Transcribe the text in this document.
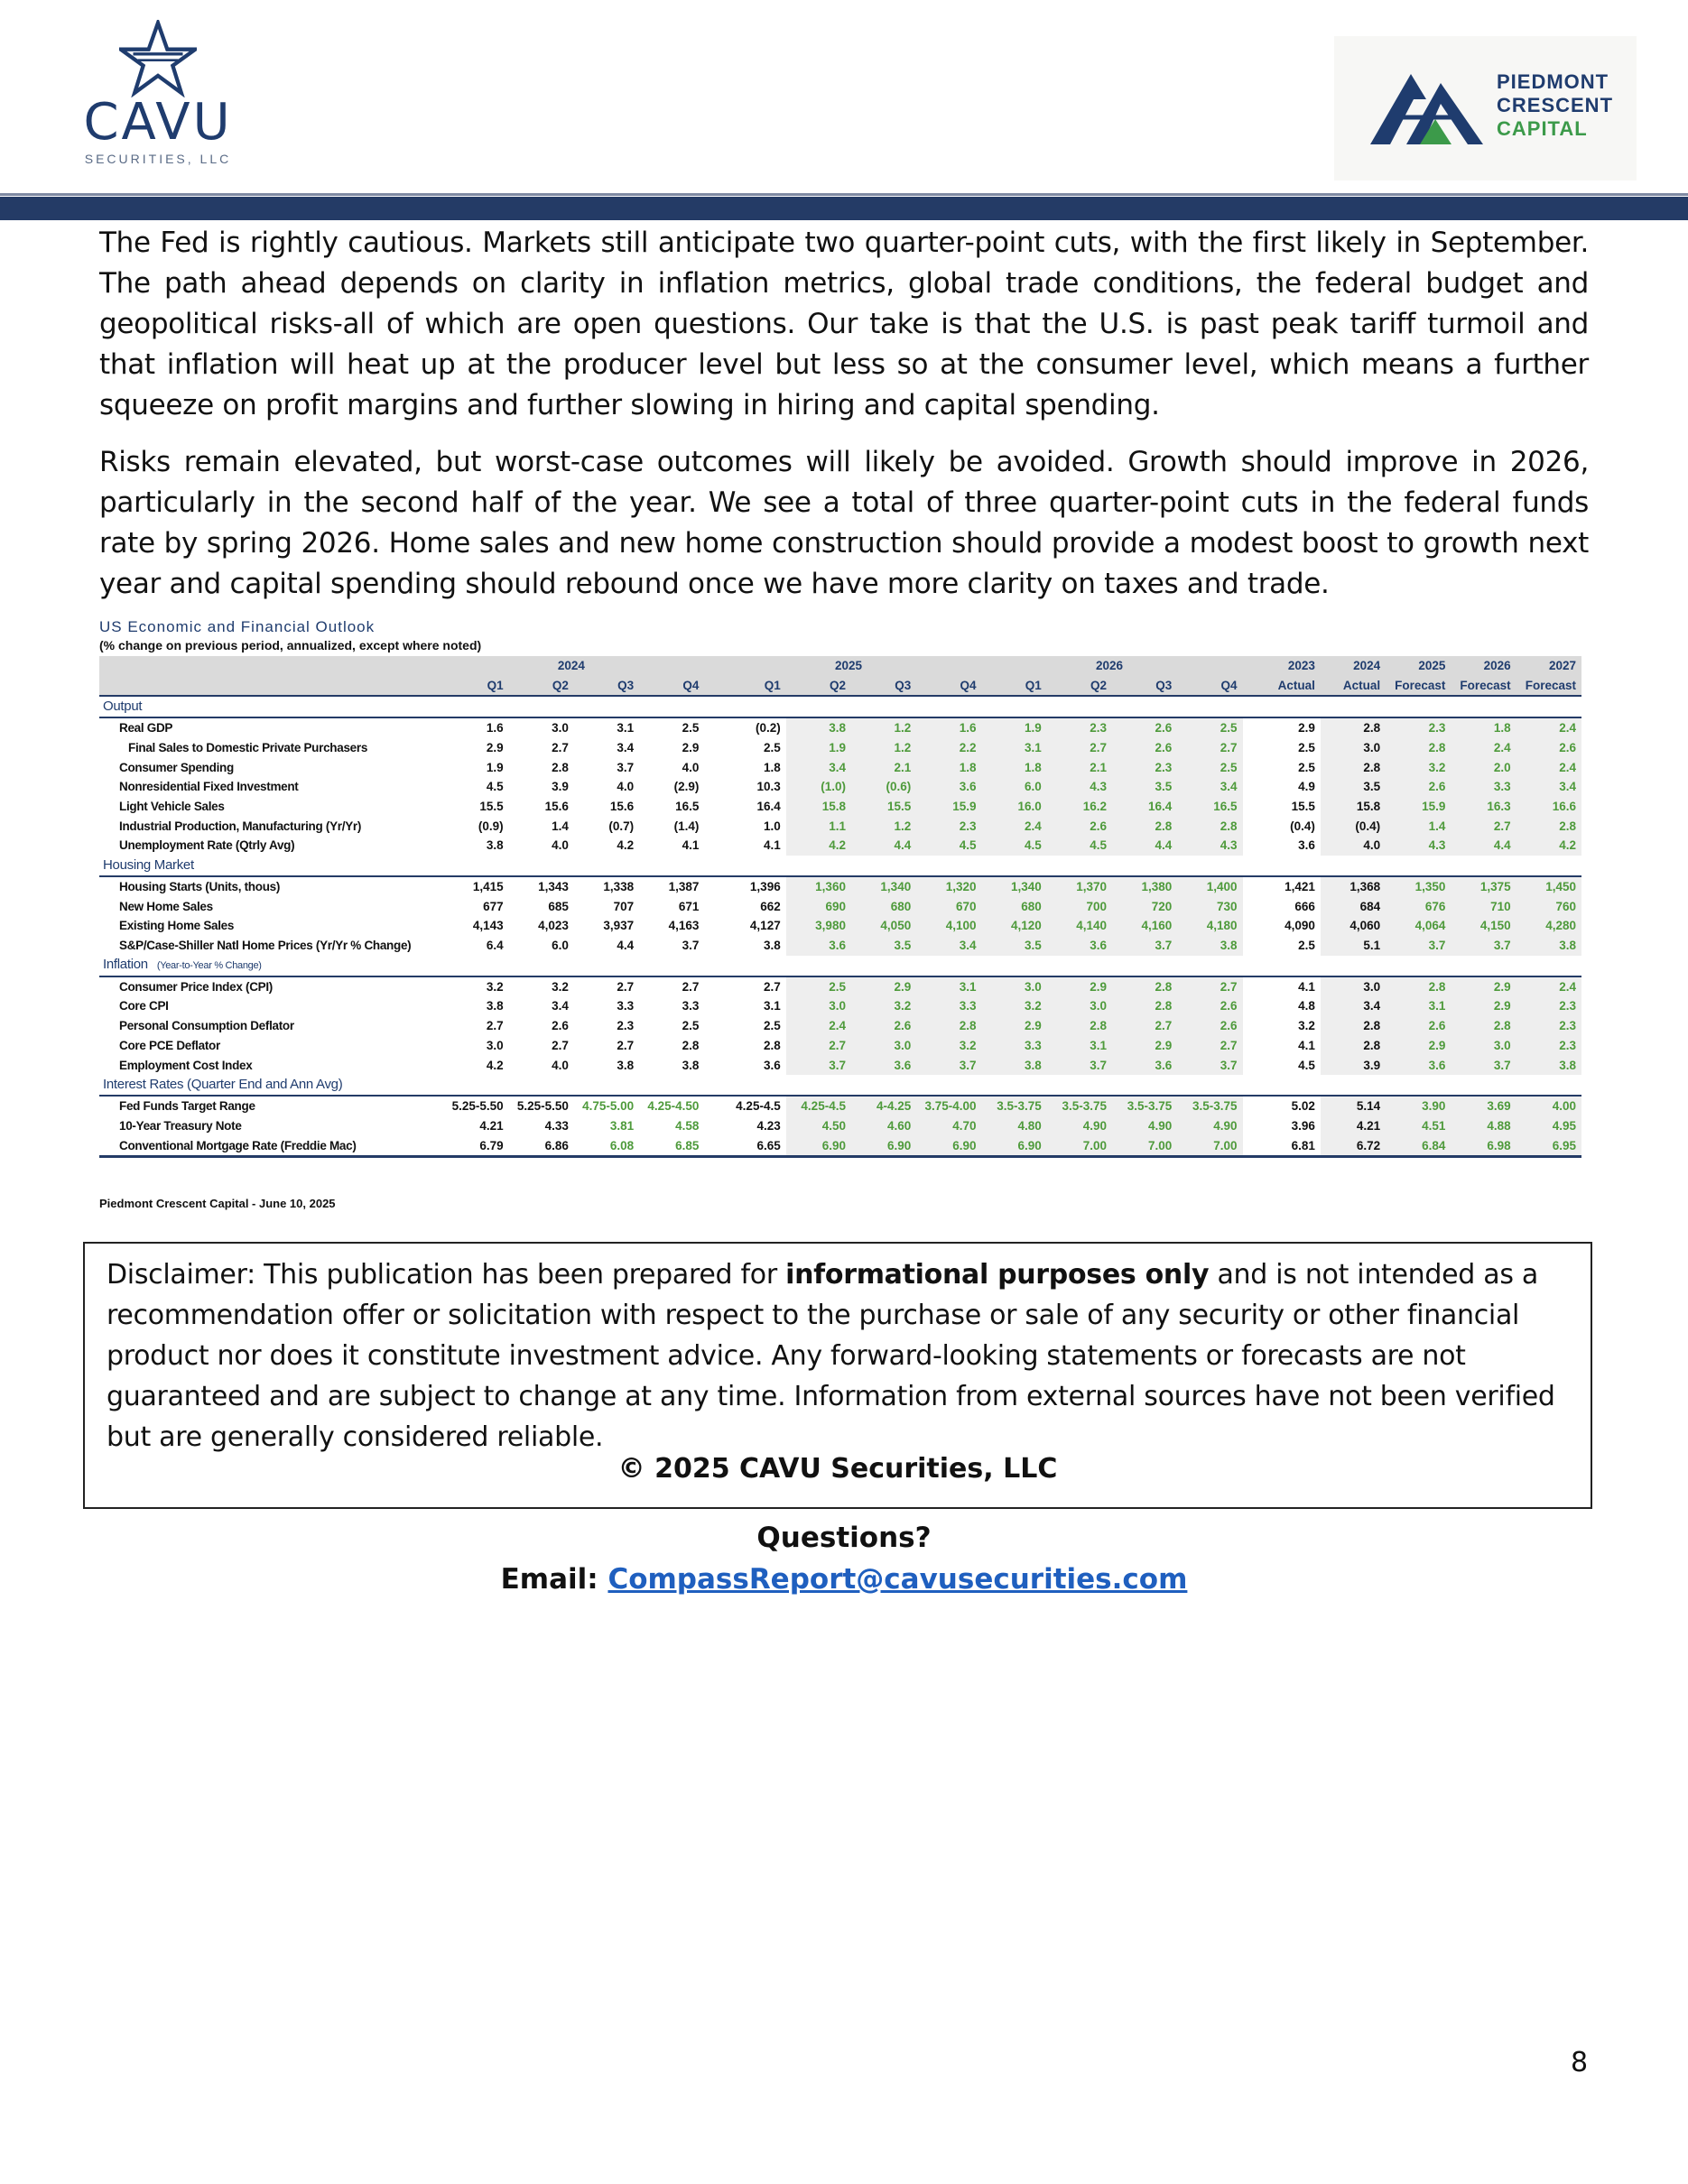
CAVU
SECURITIES, LLC
PIEDMONT
CRESCENT
CAPITAL
The Fed is rightly cautious. Markets still anticipate two quarter-point cuts, with the first likely in September. The path ahead depends on clarity in inflation metrics, global trade conditions, the federal budget and geopolitical risks-all of which are open questions. Our take is that the U.S. is past peak tariff turmoil and that inflation will heat up at the producer level but less so at the consumer level, which means a further squeeze on profit margins and further slowing in hiring and capital spending.
Risks remain elevated, but worst-case outcomes will likely be avoided. Growth should improve in 2026, particularly in the second half of the year. We see a total of three quarter-point cuts in the federal funds rate by spring 2026. Home sales and new home construction should provide a modest boost to growth next year and capital spending should rebound once we have more clarity on taxes and trade.
US Economic and Financial Outlook
(% change on previous period, annualized, except where noted)
	2024					2025				2026					2023	2024	2025	2026	2027
	Q1	Q2	Q3	Q4		Q1	Q2	Q3	Q4	Q1	Q2	Q3	Q4		Actual	Actual	Forecast	Forecast	Forecast
Output																			
Real GDP	1.6	3.0	3.1	2.5		(0.2)	3.8	1.2	1.6	1.9	2.3	2.6	2.5		2.9	2.8	2.3	1.8	2.4
Final Sales to Domestic Private Purchasers	2.9	2.7	3.4	2.9		2.5	1.9	1.2	2.2	3.1	2.7	2.6	2.7		2.5	3.0	2.8	2.4	2.6
Consumer Spending	1.9	2.8	3.7	4.0		1.8	3.4	2.1	1.8	1.8	2.1	2.3	2.5		2.5	2.8	3.2	2.0	2.4
Nonresidential Fixed Investment	4.5	3.9	4.0	(2.9)		10.3	(1.0)	(0.6)	3.6	6.0	4.3	3.5	3.4		4.9	3.5	2.6	3.3	3.4
Light Vehicle Sales	15.5	15.6	15.6	16.5		16.4	15.8	15.5	15.9	16.0	16.2	16.4	16.5		15.5	15.8	15.9	16.3	16.6
Industrial Production, Manufacturing (Yr/Yr)	(0.9)	1.4	(0.7)	(1.4)		1.0	1.1	1.2	2.3	2.4	2.6	2.8	2.8		(0.4)	(0.4)	1.4	2.7	2.8
Unemployment Rate (Qtrly Avg)	3.8	4.0	4.2	4.1		4.1	4.2	4.4	4.5	4.5	4.5	4.4	4.3		3.6	4.0	4.3	4.4	4.2
Housing Market																			
Housing Starts (Units, thous)	1,415	1,343	1,338	1,387		1,396	1,360	1,340	1,320	1,340	1,370	1,380	1,400		1,421	1,368	1,350	1,375	1,450
New Home Sales	677	685	707	671		662	690	680	670	680	700	720	730		666	684	676	710	760
Existing Home Sales	4,143	4,023	3,937	4,163		4,127	3,980	4,050	4,100	4,120	4,140	4,160	4,180		4,090	4,060	4,064	4,150	4,280
S&P/Case-Shiller Natl Home Prices (Yr/Yr % Change)	6.4	6.0	4.4	3.7		3.8	3.6	3.5	3.4	3.5	3.6	3.7	3.8		2.5	5.1	3.7	3.7	3.8
Inflation (Year-to-Year % Change)																			
Consumer Price Index (CPI)	3.2	3.2	2.7	2.7		2.7	2.5	2.9	3.1	3.0	2.9	2.8	2.7		4.1	3.0	2.8	2.9	2.4
Core CPI	3.8	3.4	3.3	3.3		3.1	3.0	3.2	3.3	3.2	3.0	2.8	2.6		4.8	3.4	3.1	2.9	2.3
Personal Consumption Deflator	2.7	2.6	2.3	2.5		2.5	2.4	2.6	2.8	2.9	2.8	2.7	2.6		3.2	2.8	2.6	2.8	2.3
Core PCE Deflator	3.0	2.7	2.7	2.8		2.8	2.7	3.0	3.2	3.3	3.1	2.9	2.7		4.1	2.8	2.9	3.0	2.3
Employment Cost Index	4.2	4.0	3.8	3.8		3.6	3.7	3.6	3.7	3.8	3.7	3.6	3.7		4.5	3.9	3.6	3.7	3.8
Interest Rates (Quarter End and Ann Avg)																			
Fed Funds Target Range	5.25-5.50	5.25-5.50	4.75-5.00	4.25-4.50		4.25-4.5	4.25-4.5	4-4.25	3.75-4.00	3.5-3.75	3.5-3.75	3.5-3.75	3.5-3.75		5.02	5.14	3.90	3.69	4.00
10-Year Treasury Note	4.21	4.33	3.81	4.58		4.23	4.50	4.60	4.70	4.80	4.90	4.90	4.90		3.96	4.21	4.51	4.88	4.95
Conventional Mortgage Rate (Freddie Mac)	6.79	6.86	6.08	6.85		6.65	6.90	6.90	6.90	6.90	7.00	7.00	7.00		6.81	6.72	6.84	6.98	6.95
Piedmont Crescent Capital - June 10, 2025
Disclaimer: This publication has been prepared for informational purposes only and is not intended as a recommendation offer or solicitation with respect to the purchase or sale of any security or other financial product nor does it constitute investment advice. Any forward-looking statements or forecasts are not guaranteed and are subject to change at any time. Information from external sources have not been verified but are generally considered reliable.
© 2025 CAVU Securities, LLC
Questions?
Email: CompassReport@cavusecurities.com
8
